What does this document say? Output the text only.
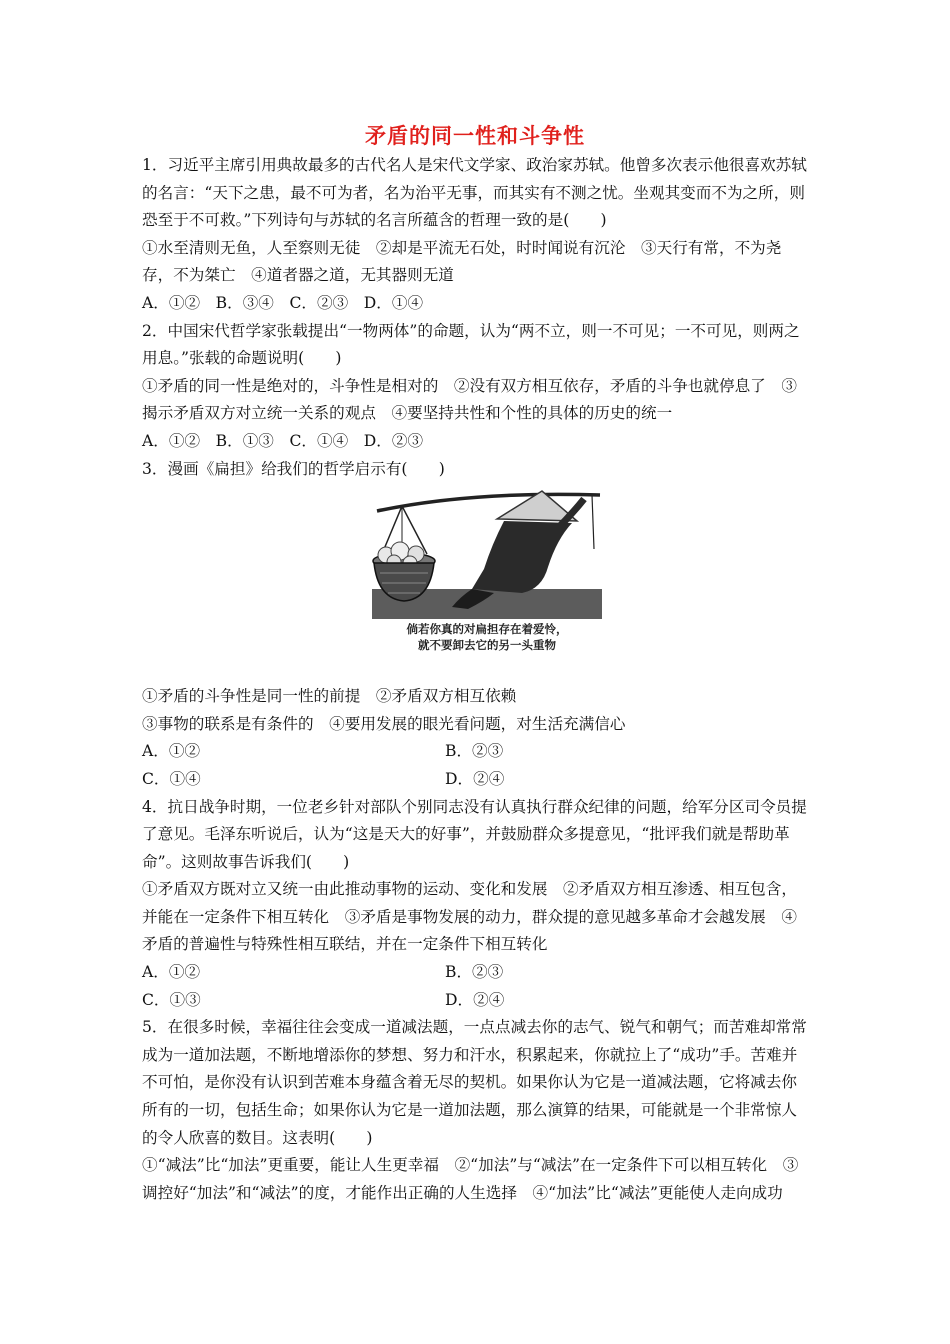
矛盾的同一性和斗争性

1．习近平主席引用典故最多的古代名人是宋代文学家、政治家苏轼。他曾多次表示他很喜欢苏轼的名言：“天下之患，最不可为者，名为治平无事，而其实有不测之忧。坐观其变而不为之所，则恐至于不可救。”下列诗句与苏轼的名言所蕴含的哲理一致的是(　　)

①水至清则无鱼，人至察则无徒　②却是平流无石处，时时闻说有沉沦　③天行有常，不为尧存，不为桀亡　④道者器之道，无其器则无道

A．①②　B．③④　C．②③　D．①④

2．中国宋代哲学家张载提出“一物两体”的命题，认为“两不立，则一不可见；一不可见，则两之用息。”张载的命题说明(　　)

①矛盾的同一性是绝对的，斗争性是相对的　②没有双方相互依存，矛盾的斗争也就停息了　③揭示矛盾双方对立统一关系的观点　④要坚持共性和个性的具体的历史的统一

A．①②　B．①③　C．①④　D．②③

3．漫画《扁担》给我们的哲学启示有(　　)

倘若你真的对扁担存在着爱怜，
就不要卸去它的另一头重物

①矛盾的斗争性是同一性的前提　②矛盾双方相互依赖

③事物的联系是有条件的　④要用发展的眼光看问题，对生活充满信心

A．①②	B．②③
C．①④	D．②④

4．抗日战争时期，一位老乡针对部队个别同志没有认真执行群众纪律的问题，给军分区司令员提了意见。毛泽东听说后，认为“这是天大的好事”，并鼓励群众多提意见，“批评我们就是帮助革命”。这则故事告诉我们(　　)

①矛盾双方既对立又统一由此推动事物的运动、变化和发展　②矛盾双方相互渗透、相互包含，并能在一定条件下相互转化　③矛盾是事物发展的动力，群众提的意见越多革命才会越发展　④矛盾的普遍性与特殊性相互联结，并在一定条件下相互转化

A．①②	B．②③
C．①③	D．②④

5．在很多时候，幸福往往会变成一道减法题，一点点减去你的志气、锐气和朝气；而苦难却常常成为一道加法题，不断地增添你的梦想、努力和汗水，积累起来，你就拉上了“成功”手。苦难并不可怕，是你没有认识到苦难本身蕴含着无尽的契机。如果你认为它是一道减法题，它将减去你所有的一切，包括生命；如果你认为它是一道加法题，那么演算的结果，可能就是一个非常惊人的令人欣喜的数目。这表明(　　)

①“减法”比“加法”更重要，能让人生更幸福　②“加法”与“减法”在一定条件下可以相互转化　③调控好“加法”和“减法”的度，才能作出正确的人生选择　④“加法”比“减法”更能使人走向成功
